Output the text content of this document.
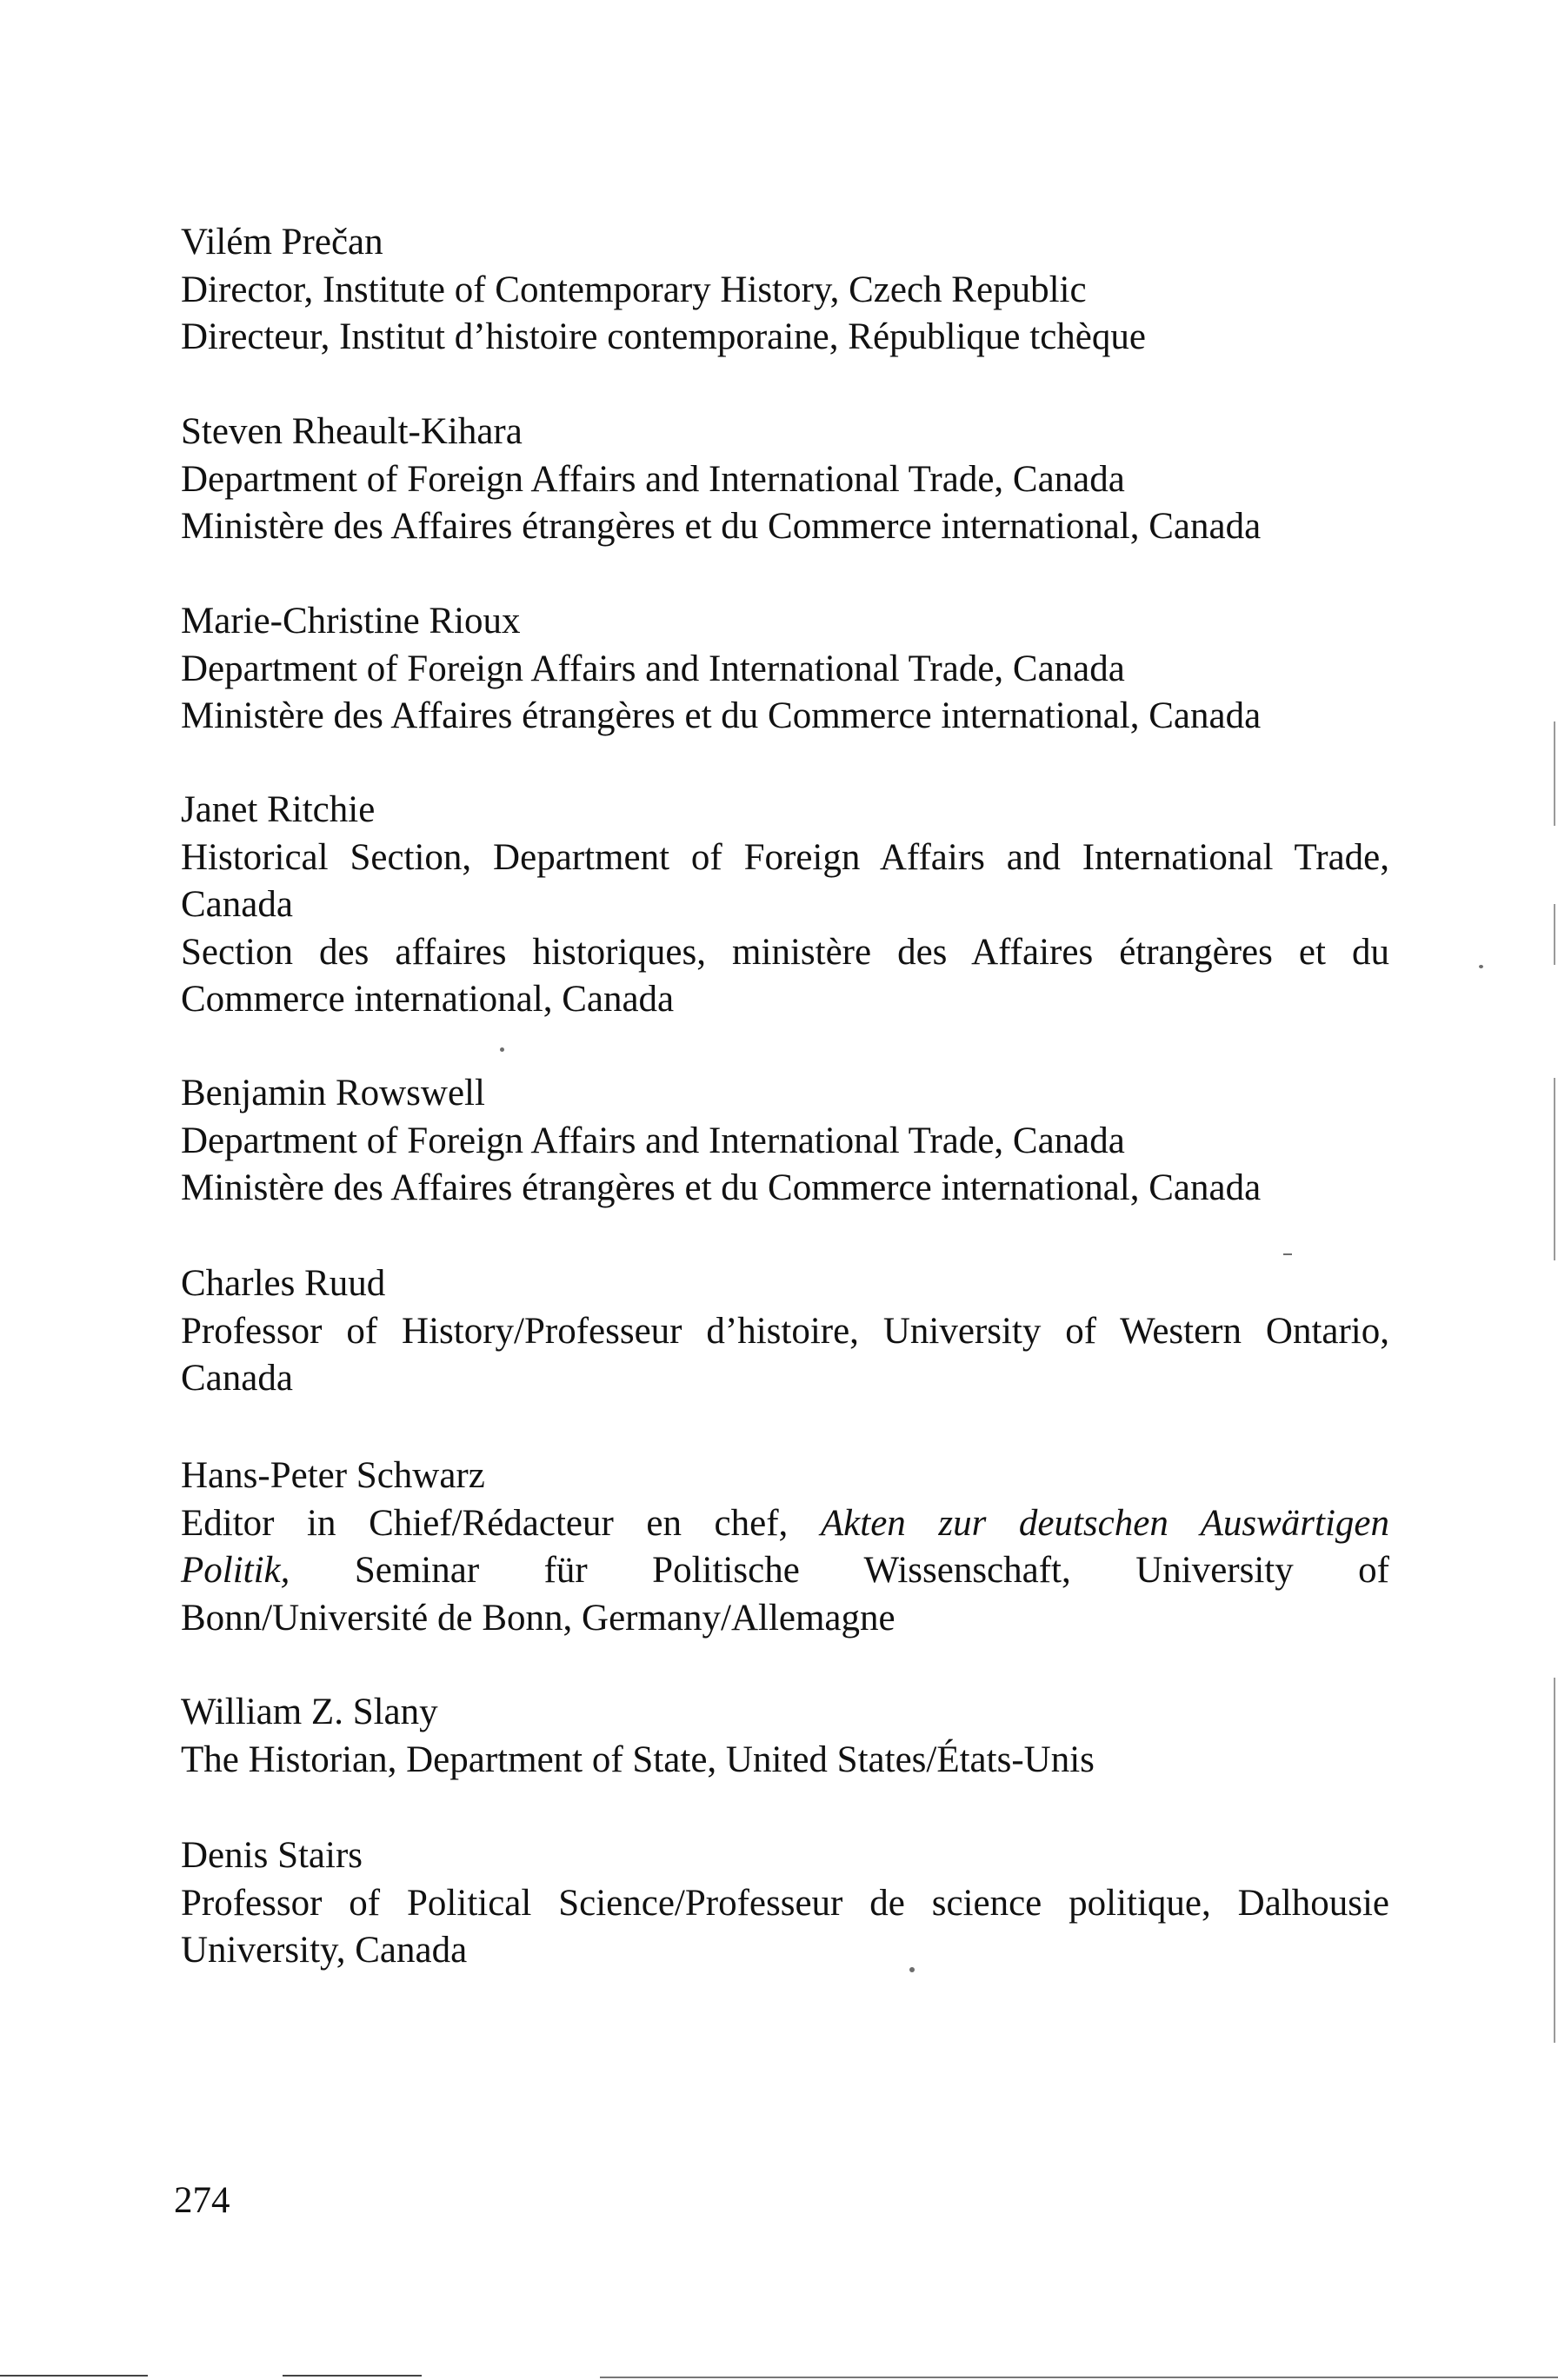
Vilém Prečan
Director, Institute of Contemporary History, Czech Republic
Directeur, Institut d’histoire contemporaine, République tchèque
Steven Rheault-Kihara
Department of Foreign Affairs and International Trade, Canada
Ministère des Affaires étrangères et du Commerce international, Canada
Marie-Christine Rioux
Department of Foreign Affairs and International Trade, Canada
Ministère des Affaires étrangères et du Commerce international, Canada
Janet Ritchie
Historical Section, Department of Foreign Affairs and International Trade,
Canada
Section des affaires historiques, ministère des Affaires étrangères et du
Commerce international, Canada
Benjamin Rowswell
Department of Foreign Affairs and International Trade, Canada
Ministère des Affaires étrangères et du Commerce international, Canada
Charles Ruud
Professor of History/Professeur d’histoire, University of Western Ontario,
Canada
Hans-Peter Schwarz
Editor in Chief/Rédacteur en chef, Akten zur deutschen Auswärtigen
Politik, Seminar für Politische Wissenschaft, University of
Bonn/Université de Bonn, Germany/Allemagne
William Z. Slany
The Historian, Department of State, United States/États-Unis
Denis Stairs
Professor of Political Science/Professeur de science politique, Dalhousie
University, Canada
274
